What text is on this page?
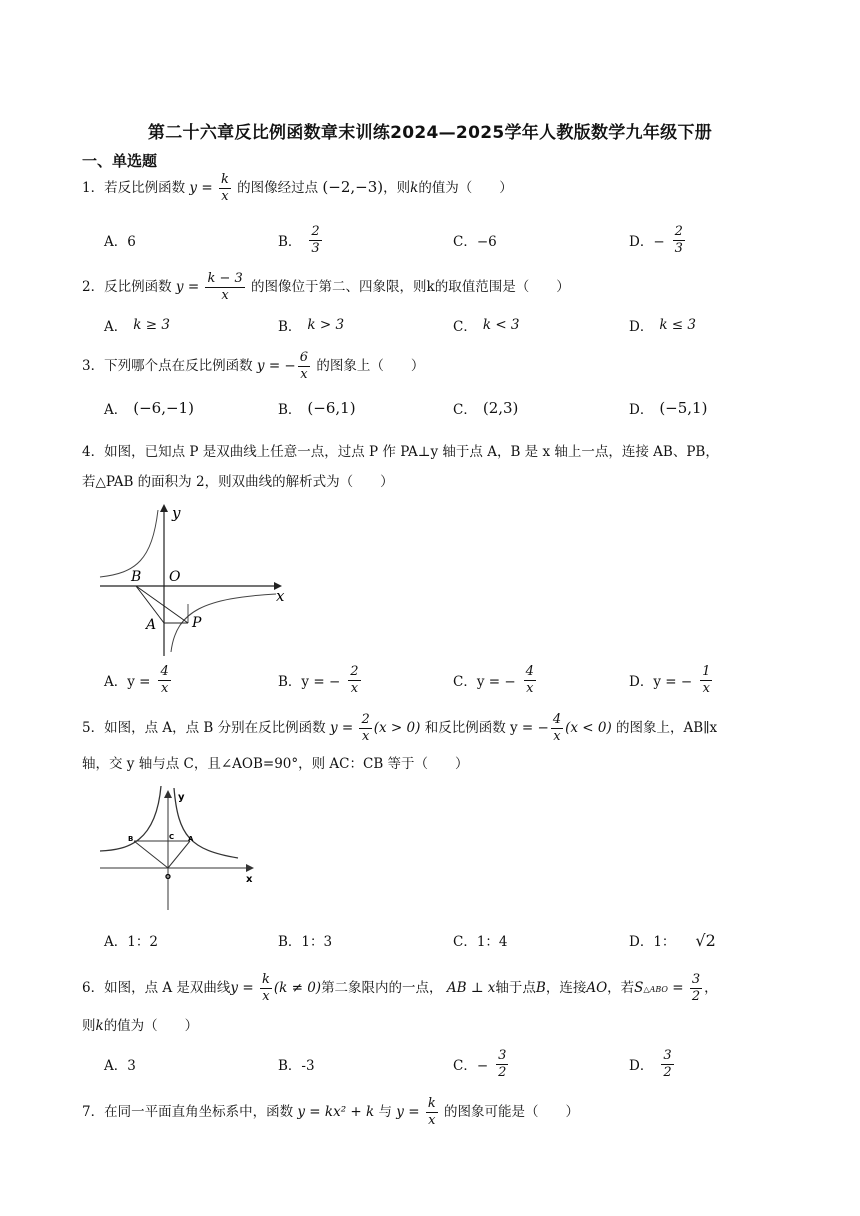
第二十六章反比例函数章末训练2024—2025学年人教版数学九年级下册
一、单选题
1．若反比例函数 $y = \frac{k}{x}$ 的图像经过点 (−2,−3)，则k的值为（　　）
A．6	B． $\frac{2}{3}$	C．−6	D．− $\frac{2}{3}$
2．反比例函数 $y = \frac{k - 3}{x}$ 的图像位于第二、四象限，则k的取值范围是（　　）
A． k ≥ 3	B． k > 3	C． k < 3	D． k ≤ 3
3．下列哪个点在反比例函数 y = − $\frac{6}{x}$ 的图象上（　　）
A． (−6,−1)	B． (−6,1)	C． (2,3)	D． (−5,1)
4．如图，已知点 P 是双曲线上任意一点，过点 P 作 PA⊥y 轴于点 A，B 是 x 轴上一点，连接 AB、PB，
若△PAB 的面积为 2，则双曲线的解析式为（　　）
y
x
O
B
A	P
A．$y = \frac{4}{x}$	B．y = − $\frac{2}{x}$	C．y = − $\frac{4}{x}$	D．y = − $\frac{1}{x}$
5．如图，点 A，点 B 分别在反比例函数 $y = \frac{2}{x} (x > 0)$ 和反比例函数 y = − $\frac{4}{x} (x < 0)$ 的图象上，AB∥x
轴，交 y 轴与点 C，且∠AOB=90°，则 AC：CB 等于（　　）
y
x
O
B	C A
A．1：2	B．1：3	C．1：4	D．1： √2
6．如图，点 A 是双曲线$y = \frac{k}{x} (k \ne 0)$第二象限内的一点， AB ⊥ x轴于点B，连接AO，若S△ABO = $\frac{3}{2}$ ，
则k的值为（　　）
A．3	B．-3	C．− $\frac{3}{2}$	D． $\frac{3}{2}$
7．在同一平面直角坐标系中，函数 y = kx² + k 与 $y = \frac{k}{x}$ 的图象可能是（　　）
